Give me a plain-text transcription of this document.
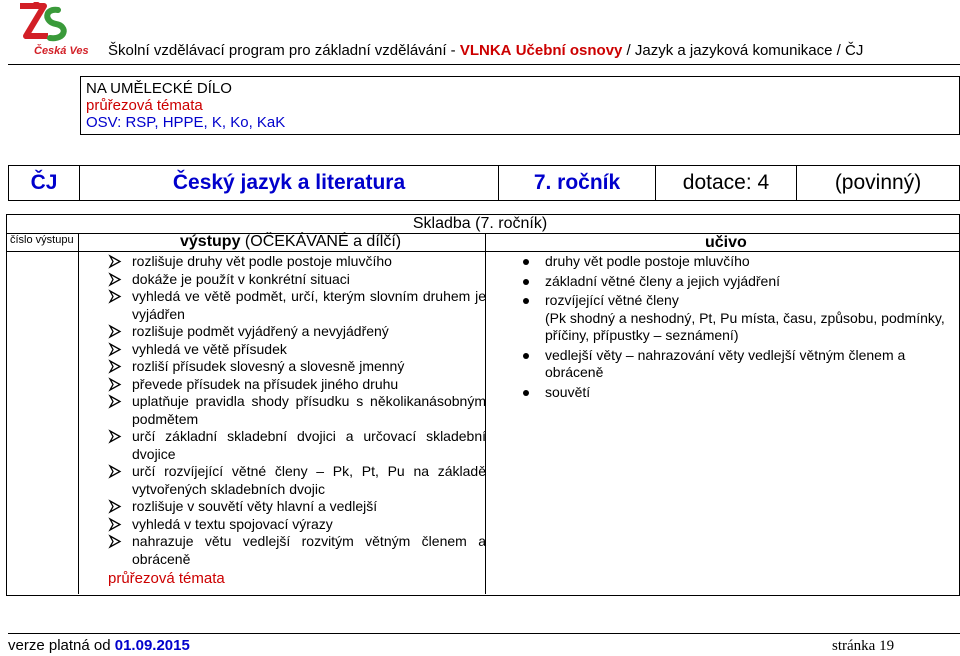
Česká Ves Školní vzdělávací program pro základní vzdělávání - VLNKA Učební osnovy / Jazyk a jazyková komunikace / ČJ
NA UMĚLECKÉ DÍLO
průřezová témata
OSV: RSP, HPPE, K, Ko, KaK
ČJ	Český jazyk a literatura	7. ročník	dotace: 4	(povinný)
Skladba (7. ročník)
číslo výstupu	výstupy (OČEKÁVANÉ a dílčí)	učivo
rozlišuje druhy vět podle postoje mluvčího
dokáže je použít v konkrétní situaci
vyhledá ve větě podmět, určí, kterým slovním druhem je vyjádřen
rozlišuje podmět vyjádřený a nevyjádřený
vyhledá ve větě přísudek
rozliší přísudek slovesný a slovesně jmenný
převede přísudek na přísudek jiného druhu
uplatňuje pravidla shody přísudku s několikanásobným podmětem
určí základní skladební dvojici a určovací skladební dvojice
určí rozvíjející větné členy – Pk, Pt, Pu na základě vytvořených skladebních dvojic
rozlišuje v souvětí věty hlavní a vedlejší
vyhledá v textu spojovací výrazy
nahrazuje větu vedlejší rozvitým větným členem a obráceně
průřezová témata
druhy vět podle postoje mluvčího
základní větné členy a jejich vyjádření
rozvíjející větné členy
(Pk shodný a neshodný, Pt, Pu místa, času, způsobu, podmínky, příčiny, přípustky – seznámení)
vedlejší věty – nahrazování věty vedlejší větným členem a obráceně
souvětí
verze platná od 01.09.2015	stránka 19
